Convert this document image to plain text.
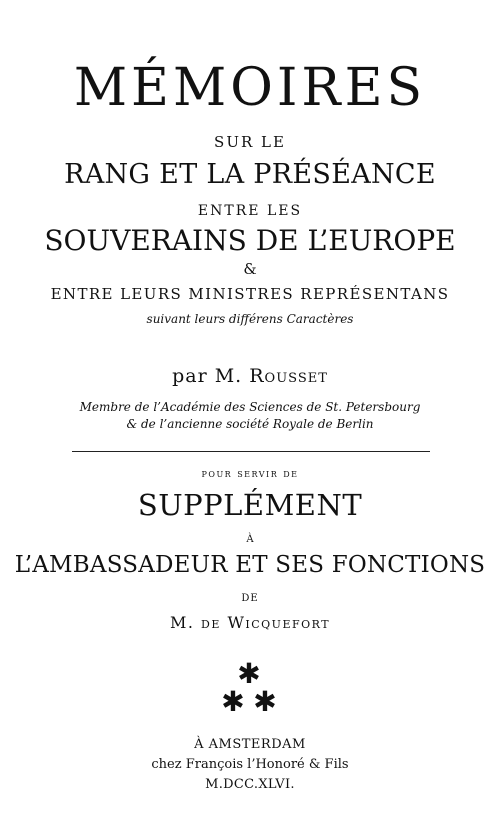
MÉMOIRES
SUR LE
RANG ET LA PRÉSÉANCE
ENTRE LES
SOUVERAINS DE L’EUROPE
&
ENTRE LEURS MINISTRES REPRÉSENTANS
suivant leurs différens Caractères
par M. Rousset
Membre de l’Académie des Sciences de St. Petersbourg
& de l’ancienne société Royale de Berlin
pour servir de
SUPPLÉMENT
À
L’AMBASSADEUR ET SES FONCTIONS
DE
M. de Wicquefort
✱
✱ ✱
À AMSTERDAM
chez François l’Honoré & Fils
M.DCC.XLVI.
